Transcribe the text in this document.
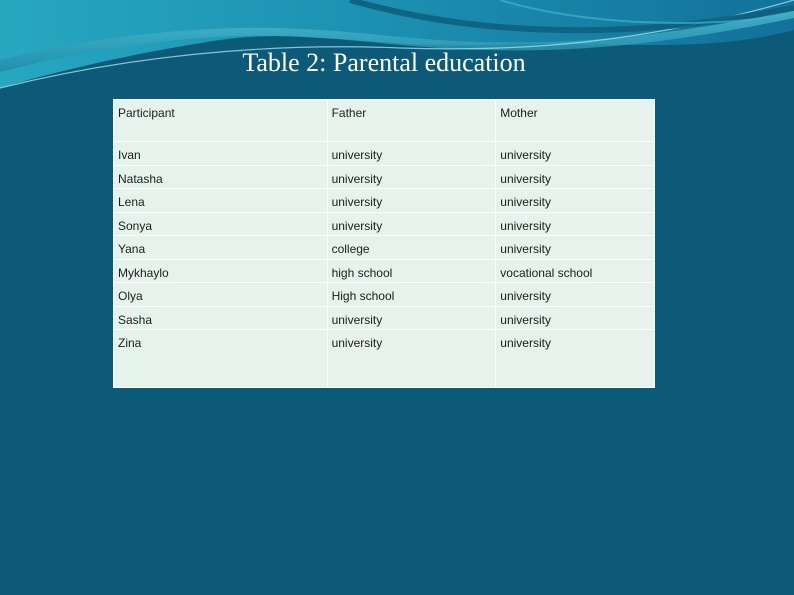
Table 2: Parental education
Participant	Father	Mother
Ivan	university	university
Natasha	university	university
Lena	university	university
Sonya	university	university
Yana	college	university
Mykhaylo	high school	vocational school
Olya	High school	university
Sasha	university	university
Zina	university	university
